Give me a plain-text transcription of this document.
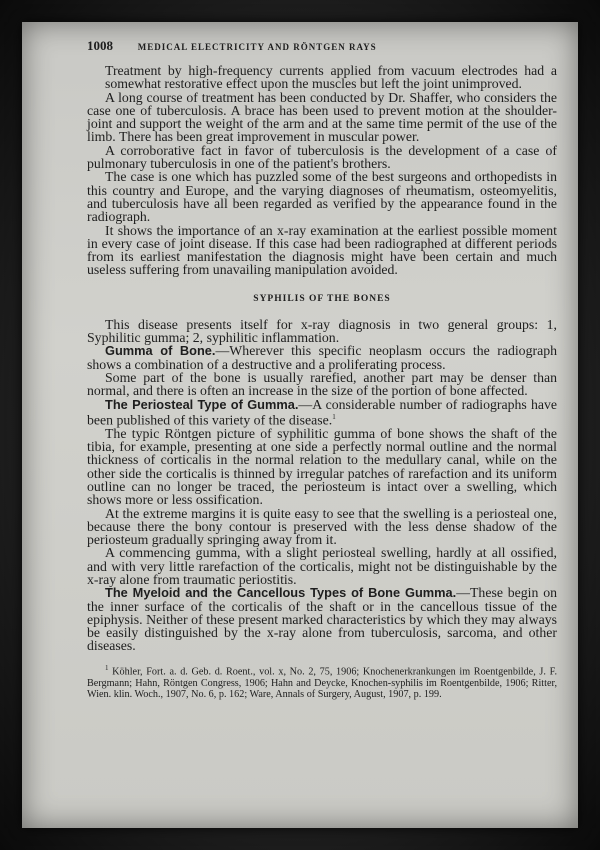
1008	MEDICAL ELECTRICITY AND RÖNTGEN RAYS

Treatment by high-frequency currents applied from vacuum electrodes had a somewhat restorative effect upon the muscles but left the joint unimproved.

A long course of treatment has been conducted by Dr. Shaffer, who considers the case one of tuberculosis. A brace has been used to prevent motion at the shoulder-joint and support the weight of the arm and at the same time permit of the use of the limb. There has been great improvement in muscular power.

A corroborative fact in favor of tuberculosis is the development of a case of pulmonary tuberculosis in one of the patient's brothers.

The case is one which has puzzled some of the best surgeons and orthopedists in this country and Europe, and the varying diagnoses of rheumatism, osteomyelitis, and tuberculosis have all been regarded as verified by the appearance found in the radiograph.

It shows the importance of an x-ray examination at the earliest possible moment in every case of joint disease. If this case had been radiographed at different periods from its earliest manifestation the diagnosis might have been certain and much useless suffering from unavailing manipulation avoided.

SYPHILIS OF THE BONES

This disease presents itself for x-ray diagnosis in two general groups: 1, Syphilitic gumma; 2, syphilitic inflammation.

Gumma of Bone.—Wherever this specific neoplasm occurs the radiograph shows a combination of a destructive and a proliferating process.

Some part of the bone is usually rarefied, another part may be denser than normal, and there is often an increase in the size of the portion of bone affected.

The Periosteal Type of Gumma.—A considerable number of radiographs have been published of this variety of the disease.$^1$

The typic Röntgen picture of syphilitic gumma of bone shows the shaft of the tibia, for example, presenting at one side a perfectly normal outline and the normal thickness of corticalis in the normal relation to the medullary canal, while on the other side the corticalis is thinned by irregular patches of rarefaction and its uniform outline can no longer be traced, the periosteum is intact over a swelling, which shows more or less ossification.

At the extreme margins it is quite easy to see that the swelling is a periosteal one, because there the bony contour is preserved with the less dense shadow of the periosteum gradually springing away from it.

A commencing gumma, with a slight periosteal swelling, hardly at all ossified, and with very little rarefaction of the corticalis, might not be distinguishable by the x-ray alone from traumatic periostitis.

The Myeloid and the Cancellous Types of Bone Gumma.—These begin on the inner surface of the corticalis of the shaft or in the cancellous tissue of the epiphysis. Neither of these present marked characteristics by which they may always be easily distinguished by the x-ray alone from tuberculosis, sarcoma, and other diseases.

$^1$ Köhler, Fort. a. d. Geb. d. Roent., vol. x, No. 2, 75, 1906; Knochenerkrankungen im Roentgenbilde, J. F. Bergmann; Hahn, Röntgen Congress, 1906; Hahn and Deycke, Knochen-syphilis im Roentgenbilde, 1906; Ritter, Wien. klin. Woch., 1907, No. 6, p. 162; Ware, Annals of Surgery, August, 1907, p. 199.
